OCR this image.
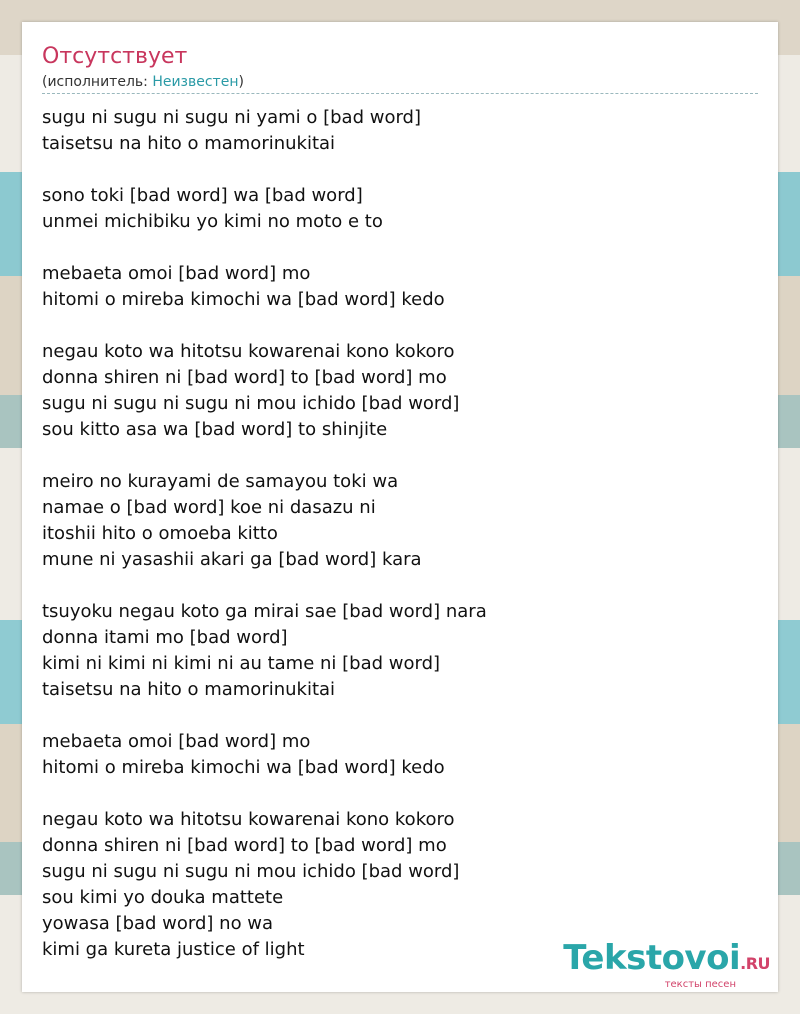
Отсутствует
(исполнитель: Неизвестен)
sugu ni sugu ni sugu ni yami o [bad word]
taisetsu na hito o mamorinukitai
sono toki [bad word] wa [bad word]
unmei michibiku yo kimi no moto e to
mebaeta omoi [bad word] mo
hitomi o mireba kimochi wa [bad word] kedo
negau koto wa hitotsu kowarenai kono kokoro
donna shiren ni [bad word] to [bad word] mo
sugu ni sugu ni sugu ni mou ichido [bad word]
sou kitto asa wa [bad word] to shinjite
meiro no kurayami de samayou toki wa
namae o [bad word] koe ni dasazu ni
itoshii hito o omoeba kitto
mune ni yasashii akari ga [bad word] kara
tsuyoku negau koto ga mirai sae [bad word] nara
donna itami mo [bad word]
kimi ni kimi ni kimi ni au tame ni [bad word]
taisetsu na hito o mamorinukitai
mebaeta omoi [bad word] mo
hitomi o mireba kimochi wa [bad word] kedo
negau koto wa hitotsu kowarenai kono kokoro
donna shiren ni [bad word] to [bad word] mo
sugu ni sugu ni sugu ni mou ichido [bad word]
sou kimi yo douka mattete
yowasa [bad word] no wa
kimi ga kureta justice of light	Tekstovoi.RU
тексты песен
